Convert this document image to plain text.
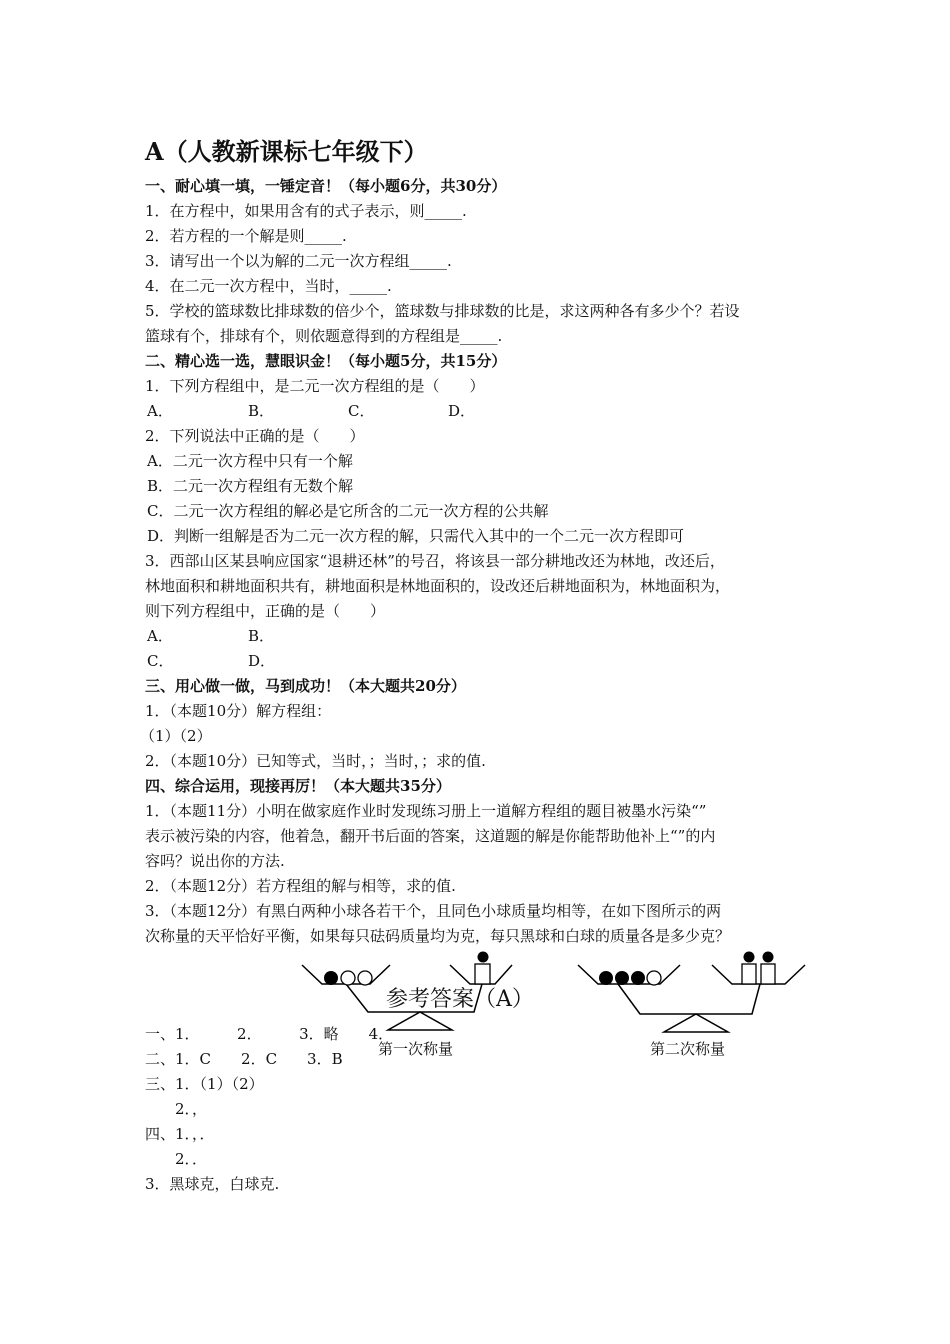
A（人教新课标七年级下）
一、耐心填一填，一锤定音！（每小题6分，共30分）
1．在方程中，如果用含有的式子表示，则_____.
2．若方程的一个解是则_____.
3．请写出一个以为解的二元一次方程组_____.
4．在二元一次方程中，当时，_____.
5．学校的篮球数比排球数的倍少个，篮球数与排球数的比是，求这两种各有多少个？若设
篮球有个，排球有个，则依题意得到的方程组是_____.
二、精心选一选，慧眼识金！（每小题5分，共15分）
1．下列方程组中，是二元一次方程组的是（　　）
A．	B．	C．	D．
2．下列说法中正确的是（　　）
A．二元一次方程中只有一个解
B．二元一次方程组有无数个解
C．二元一次方程组的解必是它所含的二元一次方程的公共解
D．判断一组解是否为二元一次方程的解，只需代入其中的一个二元一次方程即可
3．西部山区某县响应国家“退耕还林”的号召，将该县一部分耕地改还为林地，改还后，
林地面积和耕地面积共有，耕地面积是林地面积的，设改还后耕地面积为，林地面积为，
则下列方程组中，正确的是（　　）
A．	B．
C．	D．
三、用心做一做，马到成功！（本大题共20分）
1．（本题10分）解方程组：
（1）（2）
2．（本题10分）已知等式，当时，；当时，；求的值.
四、综合运用，现接再厉！（本大题共35分）
1．（本题11分）小明在做家庭作业时发现练习册上一道解方程组的题目被墨水污染“”
表示被污染的内容，他着急，翻开书后面的答案，这道题的解是你能帮助他补上“”的内
容吗？说出你的方法.
2．（本题12分）若方程组的解与相等，求的值.
3．（本题12分）有黑白两种小球各若干个，且同色小球质量均相等，在如下图所示的两
次称量的天平恰好平衡，如果每只砝码质量均为克，每只黑球和白球的质量各是多少克？
第一次称量	第二次称量
参考答案（A）
一、1．　　　2．　　　3．略　　4．
二、1．C　　2．C　　3．B
三、1．（1）（2）
　　2．，
四、1．，．
　　2．．
3．黑球克，白球克.
